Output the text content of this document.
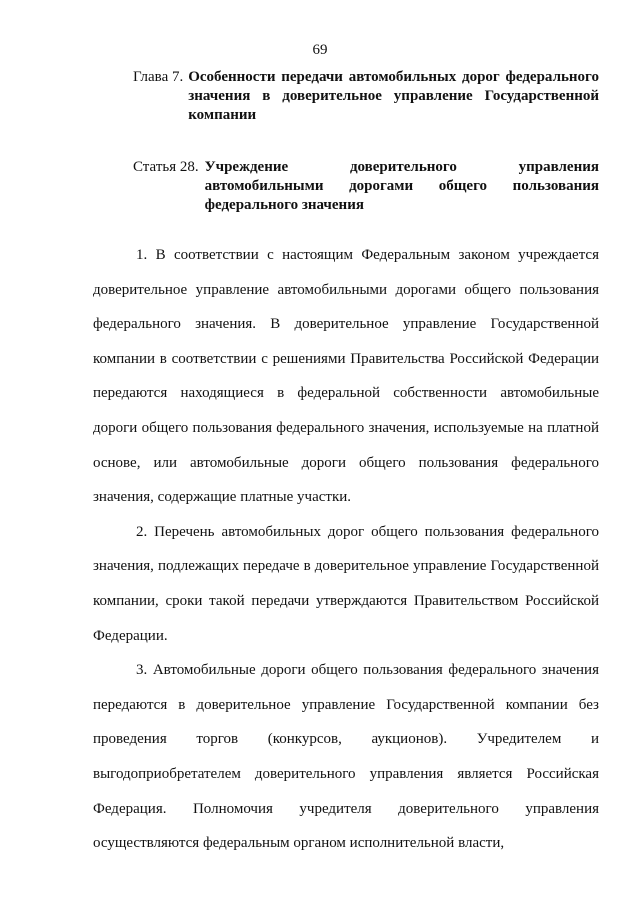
69
Глава 7. Особенности передачи автомобильных дорог федерального значения в доверительное управление Государственной компании
Статья 28. Учреждение доверительного управления автомобильными дорогами общего пользования федерального значения

1. В соответствии с настоящим Федеральным законом учреждается доверительное управление автомобильными дорогами общего пользования федерального значения. В доверительное управление Государственной компании в соответствии с решениями Правительства Российской Федерации передаются находящиеся в федеральной собственности автомобильные дороги общего пользования федерального значения, используемые на платной основе, или автомобильные дороги общего пользования федерального значения, содержащие платные участки.

2. Перечень автомобильных дорог общего пользования федерального значения, подлежащих передаче в доверительное управление Государственной компании, сроки такой передачи утверждаются Правительством Российской Федерации.

3. Автомобильные дороги общего пользования федерального значения передаются в доверительное управление Государственной компании без проведения торгов (конкурсов, аукционов). Учредителем и выгодоприобретателем доверительного управления является Российская Федерация. Полномочия учредителя доверительного управления осуществляются федеральным органом исполнительной власти,
